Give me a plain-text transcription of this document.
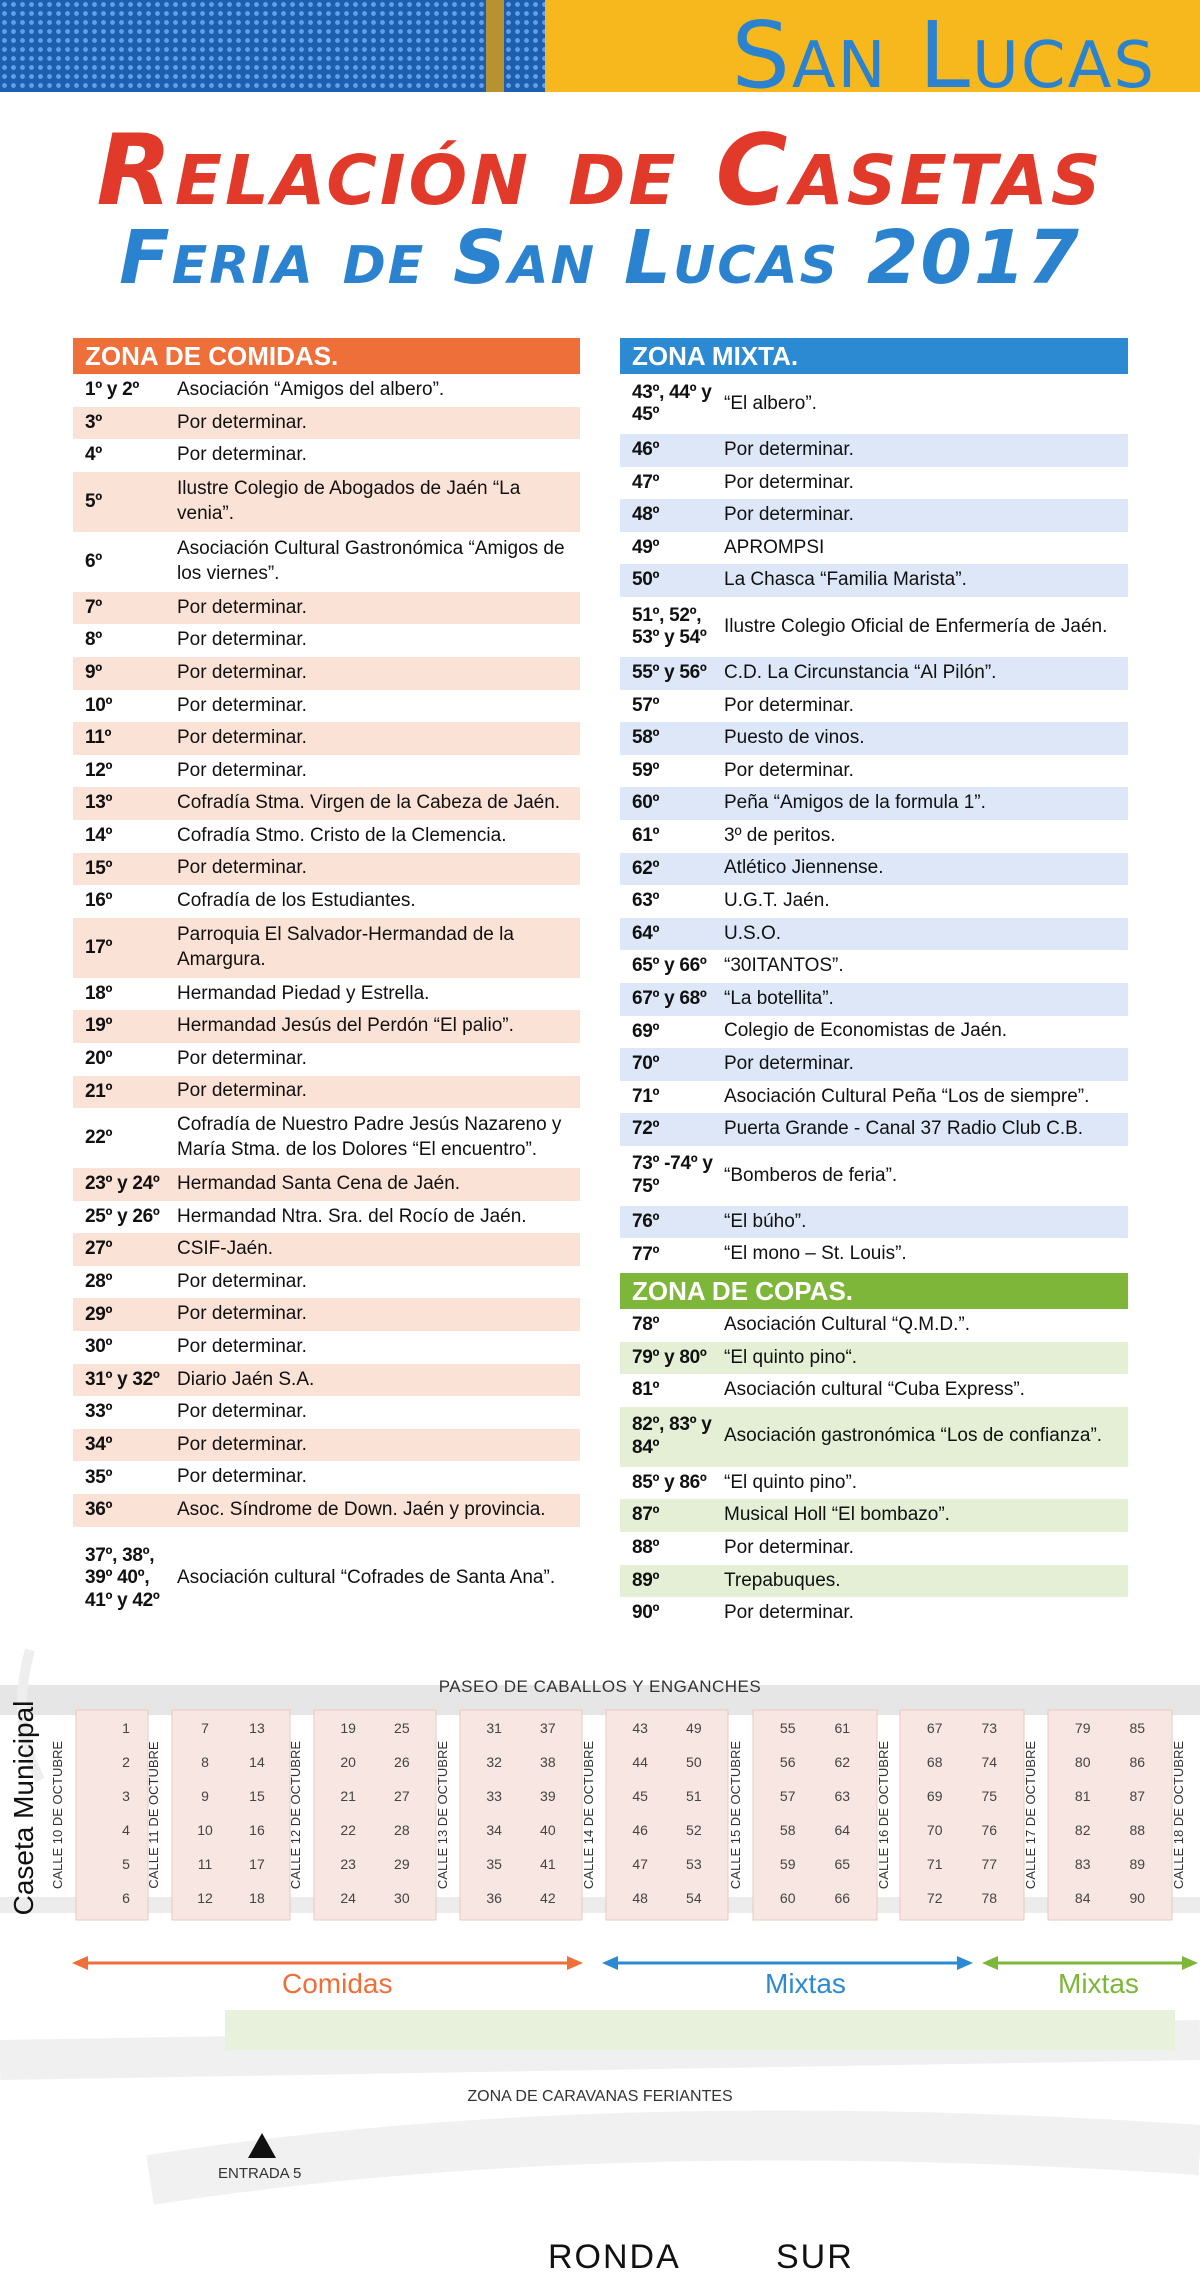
San Lucas
Relación de Casetas
Feria de San Lucas 2017
ZONA DE COMIDAS.
1º y 2º	Asociación “Amigos del albero”.
3º	Por determinar.
4º	Por determinar.
5º
Ilustre Colegio de Abogados de Jaén “La venia”.
6º
Asociación Cultural Gastronómica “Amigos de los viernes”.
7º	Por determinar.
8º	Por determinar.
9º	Por determinar.
10º	Por determinar.
11º	Por determinar.
12º	Por determinar.
13º	Cofradía Stma. Virgen de la Cabeza de Jaén.
14º	Cofradía Stmo. Cristo de la Clemencia.
15º	Por determinar.
16º	Cofradía de los Estudiantes.
17º
Parroquia El Salvador-Hermandad de la Amargura.
18º	Hermandad Piedad y Estrella.
19º	Hermandad Jesús del Perdón “El palio”.
20º	Por determinar.
21º	Por determinar.
22º
Cofradía de Nuestro Padre Jesús Nazareno y María Stma. de los Dolores “El encuentro”.
23º y 24º Hermandad Santa Cena de Jaén.
25º y 26º Hermandad Ntra. Sra. del Rocío de Jaén.
27º	CSIF-Jaén.
28º	Por determinar.
29º	Por determinar.
30º	Por determinar.
31º y 32º Diario Jaén S.A.
33º	Por determinar.
34º	Por determinar.
35º	Por determinar.
36º	Asoc. Síndrome de Down. Jaén y provincia.
37º, 38º, 39º 40º, 41º y 42º
Asociación cultural “Cofrades de Santa Ana”.
ZONA MIXTA.
43º, 44º y 45º
“El albero”.
46º	Por determinar.
47º	Por determinar.
48º	Por determinar.
49º	APROMPSI
50º	La Chasca “Familia Marista”.
51º, 52º, 53º y 54º
Ilustre Colegio Oficial de Enfermería de Jaén.
55º y 56º C.D. La Circunstancia “Al Pilón”.
57º	Por determinar.
58º	Puesto de vinos.
59º	Por determinar.
60º	Peña “Amigos de la formula 1”.
61º	3º de peritos.
62º	Atlético Jiennense.
63º	U.G.T. Jaén.
64º	U.S.O.
65º y 66º “30ITANTOS”.
67º y 68º “La botellita”.
69º	Colegio de Economistas de Jaén.
70º	Por determinar.
71º	Asociación Cultural Peña “Los de siempre”.
72º	Puerta Grande - Canal 37 Radio Club C.B.
73º -74º y 75º
“Bomberos de feria”.
76º	“El búho”.
77º	“El mono – St. Louis”.
ZONA DE COPAS.
78º	Asociación Cultural “Q.M.D.”.
79º y 80º “El quinto pino“.
81º	Asociación cultural “Cuba Express”.
82º, 83º y 84º
Asociación gastronómica “Los de confianza”.
85º y 86º “El quinto pino”.
87º	Musical Holl “El bombazo”.
88º	Por determinar.
89º	Trepabuques.
90º	Por determinar.
1
2
3
4
5
6
7
8
9
10
11
12
13
14
15
16
17
18
19
20
21
22
23
24
25
26
27
28
29
30
31
32
33
34
35
36
37
38
39
40
41
42
43
44
45
46
47
48
49
50
51
52
53
54
55
56
57
58
59
60
61
62
63
64
65
66
67
68
69
70
71
72
73
74
75
76
77
78
79
80
81
82
83
84
85
86
87
88
89
90
CALLE 10 DE OCTUBRE	CALLE 11 DE OCTUBRE	CALLE 12 DE OCTUBRE	CALLE 13 DE OCTUBRE	CALLE 14 DE OCTUBRE	CALLE 15 DE OCTUBRE	CALLE 16 DE OCTUBRE	CALLE 17 DE OCTUBRE	CALLE 18 DE OCTUBRE
Caseta Municipal
PASEO DE CABALLOS Y ENGANCHES
Comidas	Mixtas	Mixtas
ZONA DE CARAVANAS FERIANTES
ENTRADA 5
RONDA	SUR
